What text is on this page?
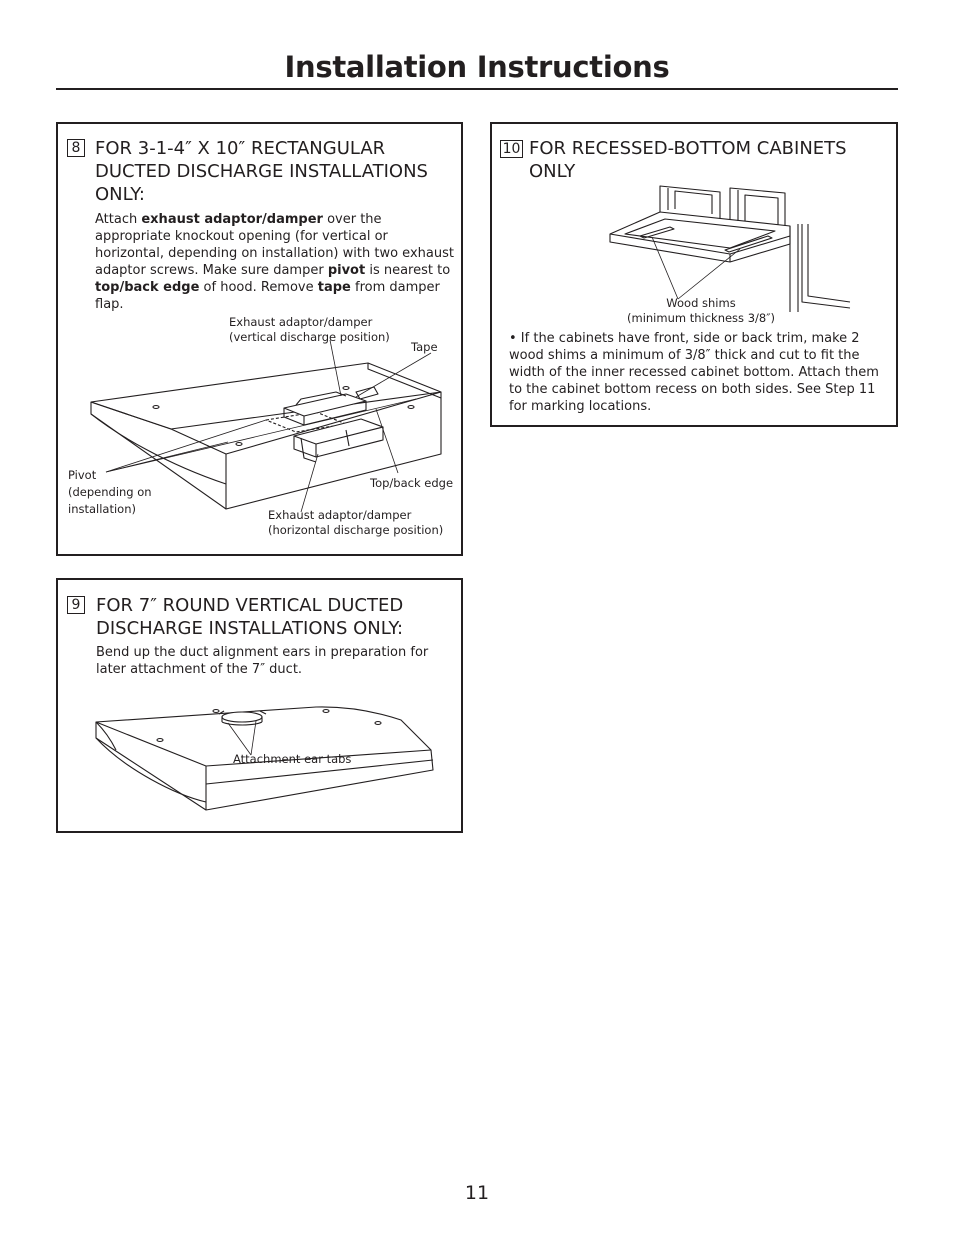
Installation Instructions
8 FOR 3-1-4″ X 10″ RECTANGULAR DUCTED DISCHARGE INSTALLATIONS ONLY:

Attach exhaust adaptor/damper over the appropriate knockout opening (for vertical or horizontal, depending on installation) with two exhaust adaptor screws. Make sure damper pivot is nearest to top/back edge of hood. Remove tape from damper flap.

Exhaust adaptor/damper
(vertical discharge position)
Tape
Pivot
(depending on
installation)
Top/back edge
Exhaust adaptor/damper
(horizontal discharge position)
9 FOR 7″ ROUND VERTICAL DUCTED DISCHARGE INSTALLATIONS ONLY:

Bend up the duct alignment ears in preparation for later attachment of the 7″ duct.

Attachment ear tabs
10 FOR RECESSED-BOTTOM CABINETS ONLY
Wood shims
(minimum thickness 3/8″)

• If the cabinets have front, side or back trim, make 2 wood shims a minimum of 3/8″ thick and cut to fit the width of the inner recessed cabinet bottom. Attach them to the cabinet bottom recess on both sides. See Step 11 for marking locations.

11
